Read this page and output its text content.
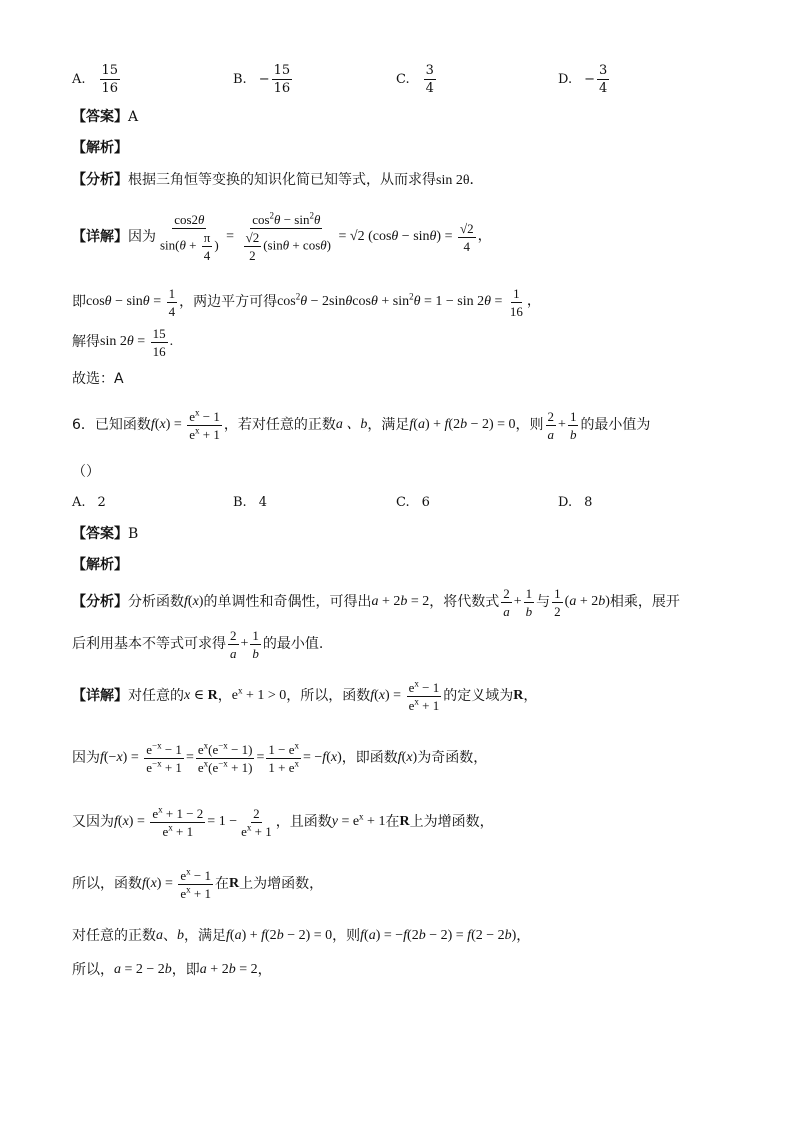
A. $\frac{15}{16}$	B. − $\frac{15}{16}$	C. $\frac{3}{4}$	D. − $\frac{3}{4}$
【答案】A
【解析】
【分析】根据三角恒等变换的知识化简已知等式，从而求得sin 2θ．
【详解】 因为 $\frac{\cos 2\theta}{\sin(\theta + \frac{\pi}{4} )} = \frac{\cos^2\theta - \sin^2\theta}{\frac{√2}{2} (\sin\theta + \cos\theta)} = √2$ $(\cos\theta - \sin\theta) = \frac{√2}{4}$ ，
即 $\cos\theta - \sin\theta = \frac{1}{4}$ ，两边平方可得 $\cos^2\theta - 2\sin\theta\cos\theta + \sin^2\theta = 1 - \sin 2\theta = \frac{1}{16}$ ，
解得 $\sin 2\theta = \frac{15}{16}$ .
故选：A
6．已知函数 $f(x) = \frac{e^x - 1}{e^x + 1}$ ，若对任意的正数 a 、b ，满足 f(a) + f(2b − 2) = 0 ，则 $\frac{2}{a} + \frac{1}{b}$ 的最小值为
（）
A. 2	B. 4	C. 6	D. 8
【答案】B
【解析】
【分析】 分析函数 f(x) 的单调性和奇偶性，可得出 a + 2b = 2 ，将代数式 $\frac{2}{a} + \frac{1}{b}$ 与 $\frac{1}{2} (a + 2b)$ 相乘，展开
后利用基本不等式可求得 $\frac{2}{a} + \frac{1}{b}$ 的最小值.
【详解】 对任意的 x ∈ R ， $e^x + 1 > 0$ ，所以，函数 $f(x) = \frac{e^x - 1}{e^x + 1}$ 的定义域为 R ，
因为 $f(-x) = \frac{e^{-x} - 1}{e^{-x} + 1} = \frac{e^x(e^{-x} - 1)}{e^x(e^{-x} + 1)} = \frac{1 - e^x}{1 + e^x} = -f(x)$ ，即函数 f(x) 为奇函数，
又因为 $f(x) = \frac{e^x + 1 - 2}{e^x + 1} = 1 - \frac{2}{e^x + 1}$ ，且函数 $y = e^x + 1$ 在 R 上为增函数，
所以，函数 $f(x) = \frac{e^x - 1}{e^x + 1}$ 在 R 上为增函数，
对任意的正数 a 、 b ，满足 f(a) + f(2b − 2) = 0 ，则 f(a) = −f(2b − 2) = f(2 − 2b) ，
所以， a = 2 − 2b ，即 a + 2b = 2 ，
